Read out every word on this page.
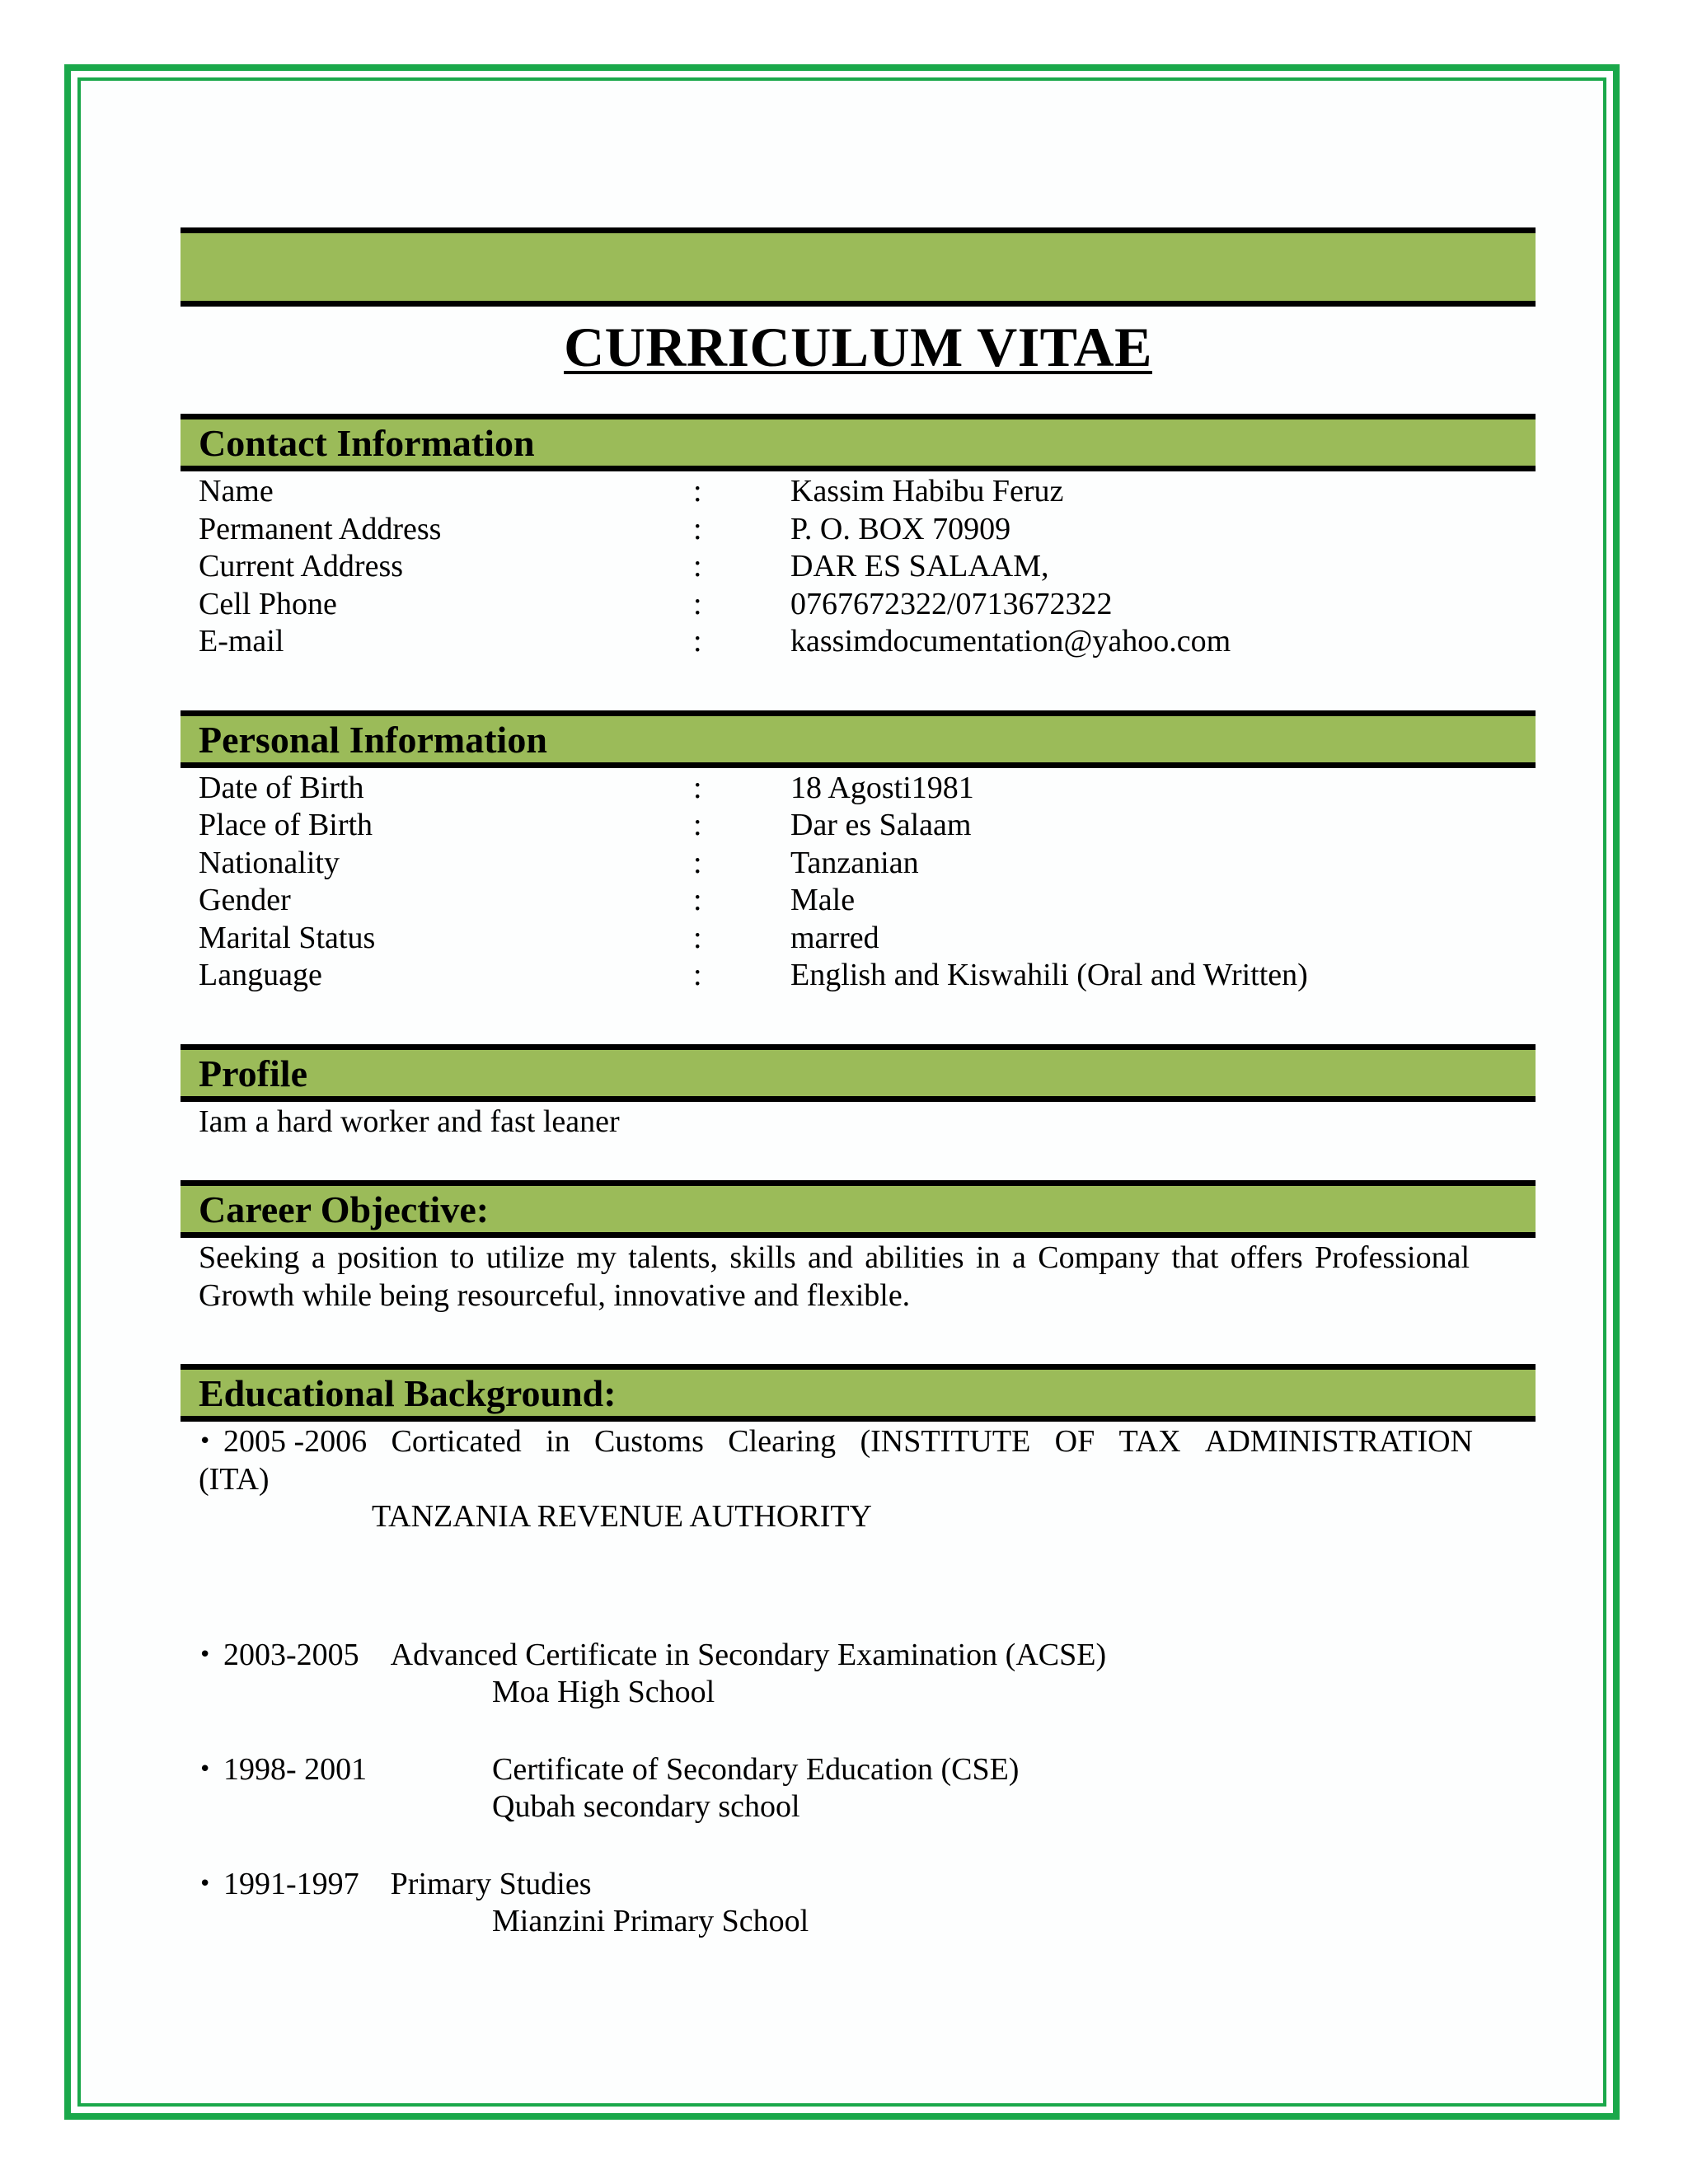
CURRICULUM VITAE
Contact Information
Name	:	Kassim Habibu Feruz
Permanent Address	:	P. O. BOX 70909
Current Address	:	DAR ES SALAAM,
Cell Phone	:	0767672322/0713672322
E-mail	:	kassimdocumentation@yahoo.com
Personal Information
Date of Birth	:	18 Agosti1981
Place of Birth	:	Dar es Salaam
Nationality	:	Tanzanian
Gender	:	Male
Marital Status	:	marred
Language	:	English and Kiswahili (Oral and Written)
Profile
Iam a hard worker and fast leaner
Career Objective:
Seeking a position to utilize my talents, skills and abilities in a Company that offers Professional Growth while being resourceful, innovative and flexible.
Educational Background:
• 2005 -2006 Corticated in Customs Clearing (INSTITUTE OF TAX ADMINISTRATION
(ITA)
TANZANIA REVENUE AUTHORITY
• 2003-2005 Advanced Certificate in Secondary Examination (ACSE)
Moa High School
• 1998- 2001	Certificate of Secondary Education (CSE)
Qubah secondary school
• 1991-1997 Primary Studies
Mianzini Primary School
